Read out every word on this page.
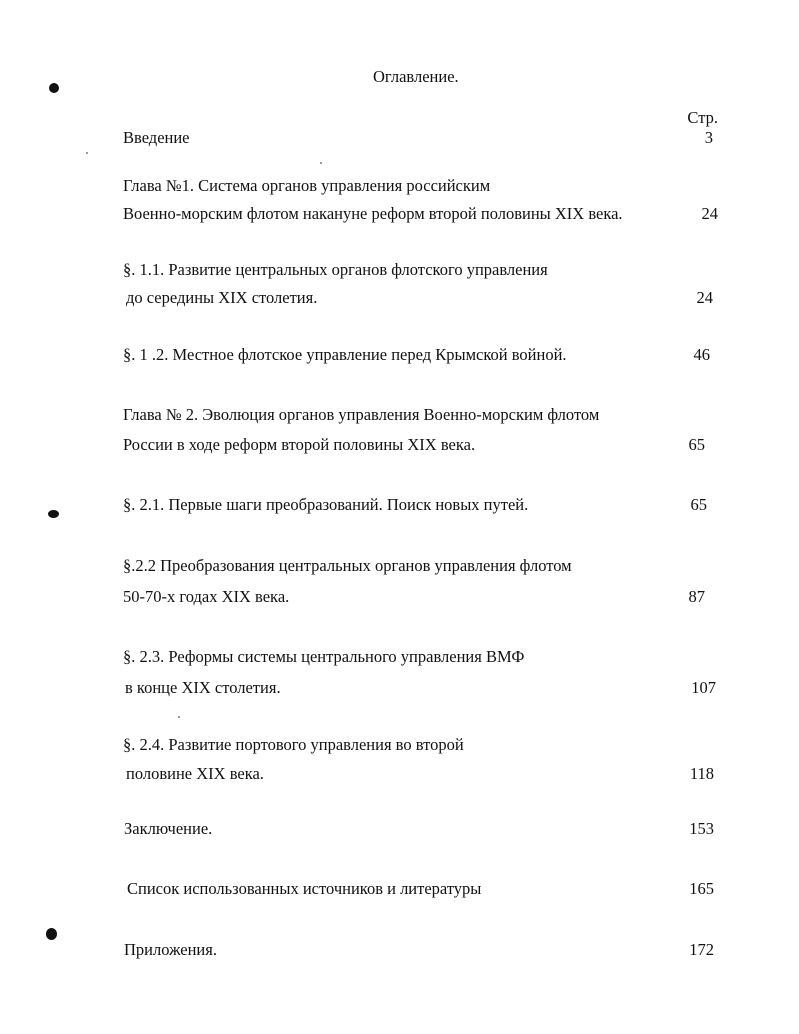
Оглавление.
Стр.
Введение	3
Глава №1. Система органов управления российским
Военно-морским флотом накануне реформ второй половины XIX века.	24
§. 1.1. Развитие центральных органов флотского управления
до середины XIX столетия.	24
§. 1 .2. Местное флотское управление перед Крымской войной.	46
Глава № 2. Эволюция органов управления Военно-морским флотом
России в ходе реформ второй половины XIX века.	65
§. 2.1. Первые шаги преобразований. Поиск новых путей.	65
§.2.2 Преобразования центральных органов управления флотом
50-70-х годах XIX века.	87
§. 2.3. Реформы системы центрального управления ВМФ
в конце XIX столетия.	107
§. 2.4. Развитие портового управления во второй
половине XIX века.	118
Заключение.	153
Список использованных источников и литературы	165
Приложения.	172
